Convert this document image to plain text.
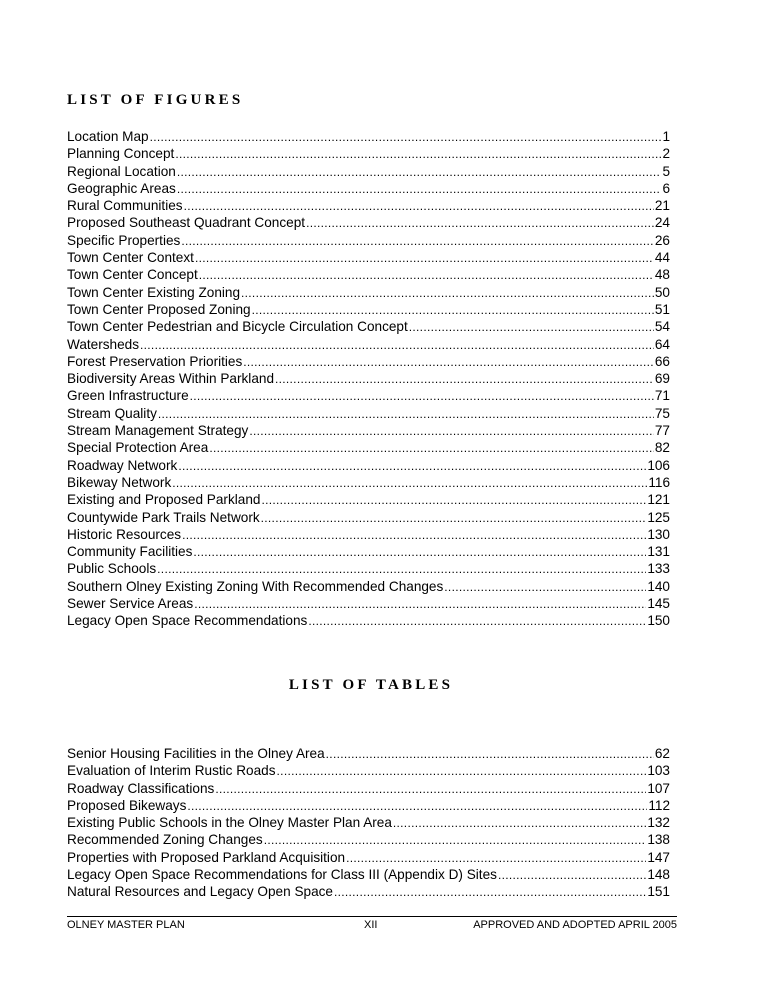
LIST OF FIGURES
Location Map .....	1
Planning Concept .....	2
Regional Location .....	5
Geographic Areas .....	6
Rural Communities .....	21
Proposed Southeast Quadrant Concept .....	24
Specific Properties .....	26
Town Center Context .....	44
Town Center Concept .....	48
Town Center Existing Zoning .....	50
Town Center Proposed Zoning .....	51
Town Center Pedestrian and Bicycle Circulation Concept .....	54
Watersheds .....	64
Forest Preservation Priorities .....	66
Biodiversity Areas Within Parkland .....	69
Green Infrastructure .....	71
Stream Quality .....	75
Stream Management Strategy .....	77
Special Protection Area .....	82
Roadway Network .....	106
Bikeway Network .....	116
Existing and Proposed Parkland .....	121
Countywide Park Trails Network .....	125
Historic Resources .....	130
Community Facilities .....	131
Public Schools .....	133
Southern Olney Existing Zoning With Recommended Changes .....	140
Sewer Service Areas .....	145
Legacy Open Space Recommendations .....	150
LIST OF TABLES
Senior Housing Facilities in the Olney Area .....	62
Evaluation of Interim Rustic Roads .....	103
Roadway Classifications .....	107
Proposed Bikeways .....	112
Existing Public Schools in the Olney Master Plan Area .....	132
Recommended Zoning Changes .....	138
Properties with Proposed Parkland Acquisition .....	147
Legacy Open Space Recommendations for Class III (Appendix D) Sites .....	148
Natural Resources and Legacy Open Space .....	151
OLNEY MASTER PLAN	XII	APPROVED AND ADOPTED APRIL 2005
